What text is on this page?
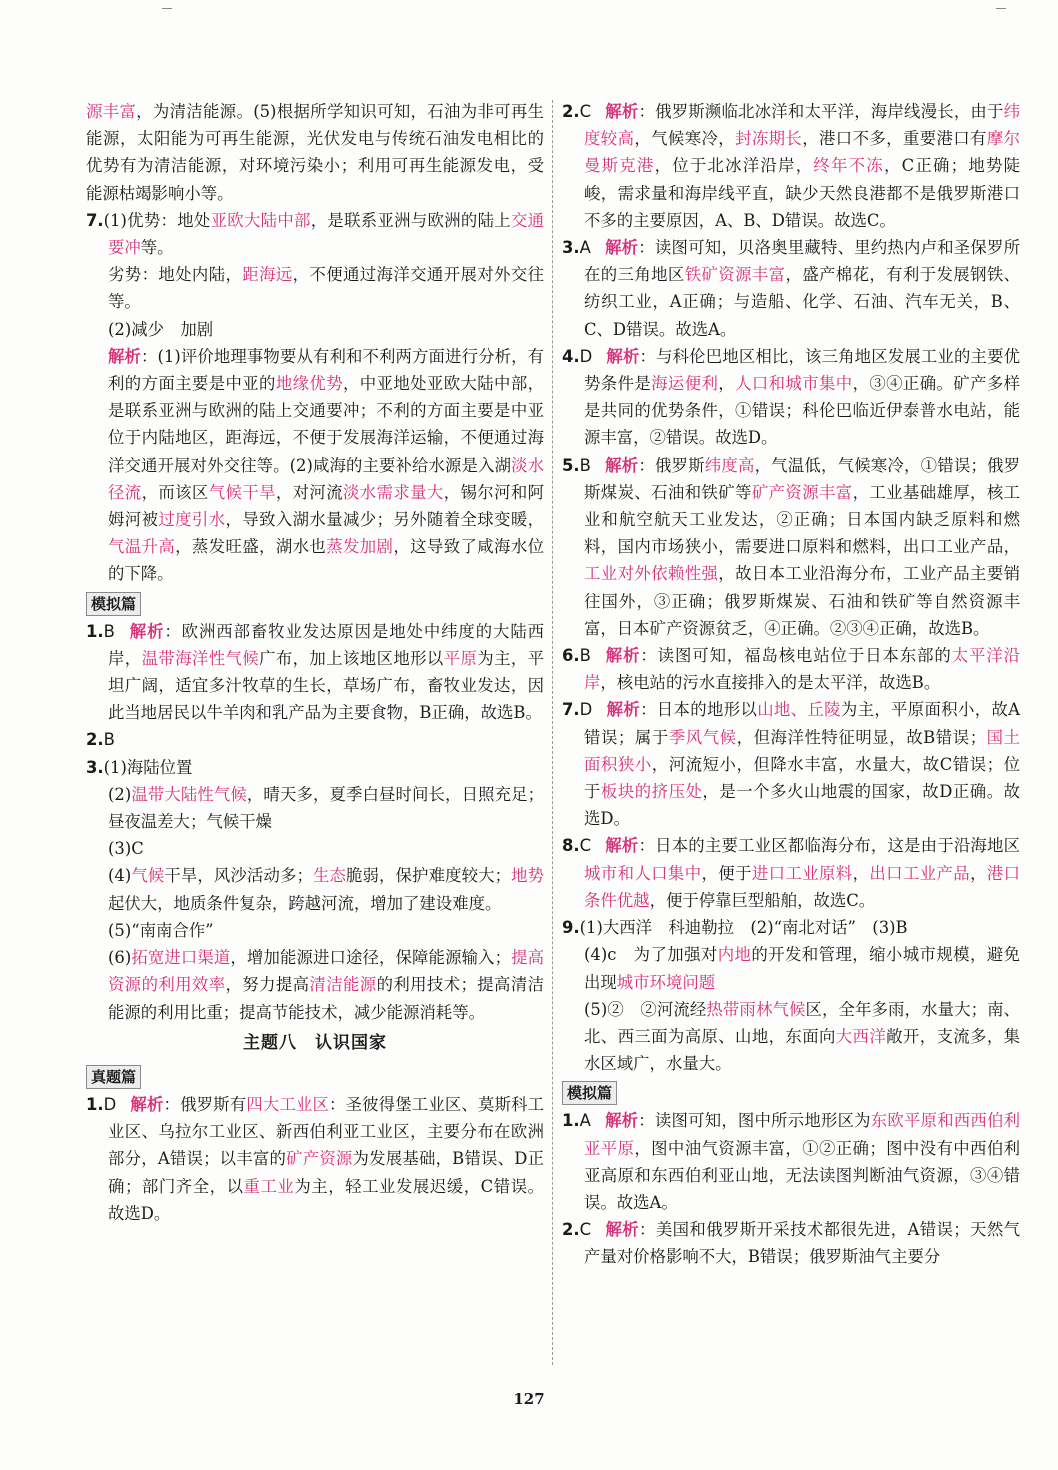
源丰富，为清洁能源。(5)根据所学知识可知，石油为非可再生能源，太阳能为可再生能源，光伏发电与传统石油发电相比的优势有为清洁能源，对环境污染小；利用可再生能源发电，受能源枯竭影响小等。

7.(1)优势：地处亚欧大陆中部，是联系亚洲与欧洲的陆上交通要冲等。

劣势：地处内陆，距海远，不便通过海洋交通开展对外交往等。

(2)减少　加剧

解析：(1)评价地理事物要从有利和不利两方面进行分析，有利的方面主要是中亚的地缘优势，中亚地处亚欧大陆中部，是联系亚洲与欧洲的陆上交通要冲；不利的方面主要是中亚位于内陆地区，距海远，不便于发展海洋运输，不便通过海洋交通开展对外交往等。(2)咸海的主要补给水源是入湖淡水径流，而该区气候干旱，对河流淡水需求量大，锡尔河和阿姆河被过度引水，导致入湖水量减少；另外随着全球变暖，气温升高，蒸发旺盛，湖水也蒸发加剧，这导致了咸海水位的下降。

模拟篇

1.B 解析：欧洲西部畜牧业发达原因是地处中纬度的大陆西岸，温带海洋性气候广布，加上该地区地形以平原为主，平坦广阔，适宜多汁牧草的生长，草场广布，畜牧业发达，因此当地居民以牛羊肉和乳产品为主要食物，B正确，故选B。

2.B

3.(1)海陆位置

(2)温带大陆性气候，晴天多，夏季白昼时间长，日照充足；昼夜温差大；气候干燥

(3)C

(4)气候干旱，风沙活动多；生态脆弱，保护难度较大；地势起伏大，地质条件复杂，跨越河流，增加了建设难度。

(5)“南南合作”

(6)拓宽进口渠道，增加能源进口途径，保障能源输入；提高资源的利用效率，努力提高清洁能源的利用技术；提高清洁能源的利用比重；提高节能技术，减少能源消耗等。

主题八　认识国家
真题篇

1.D 解析：俄罗斯有四大工业区：圣彼得堡工业区、莫斯科工业区、乌拉尔工业区、新西伯利亚工业区，主要分布在欧洲部分，A错误；以丰富的矿产资源为发展基础，B错误、D正确；部门齐全，以重工业为主，轻工业发展迟缓，C错误。故选D。

2.C 解析：俄罗斯濒临北冰洋和太平洋，海岸线漫长，由于纬度较高，气候寒冷，封冻期长，港口不多，重要港口有摩尔曼斯克港，位于北冰洋沿岸，终年不冻，C正确；地势陡峻，需求量和海岸线平直，缺少天然良港都不是俄罗斯港口不多的主要原因，A、B、D错误。故选C。

3.A 解析：读图可知，贝洛奥里藏特、里约热内卢和圣保罗所在的三角地区铁矿资源丰富，盛产棉花，有利于发展钢铁、纺织工业，A正确；与造船、化学、石油、汽车无关，B、C、D错误。故选A。

4.D 解析：与科伦巴地区相比，该三角地区发展工业的主要优势条件是海运便利，人口和城市集中，③④正确。矿产多样是共同的优势条件，①错误；科伦巴临近伊泰普水电站，能源丰富，②错误。故选D。

5.B 解析：俄罗斯纬度高，气温低，气候寒冷，①错误；俄罗斯煤炭、石油和铁矿等矿产资源丰富，工业基础雄厚，核工业和航空航天工业发达，②正确；日本国内缺乏原料和燃料，国内市场狭小，需要进口原料和燃料，出口工业产品，工业对外依赖性强，故日本工业沿海分布，工业产品主要销往国外，③正确；俄罗斯煤炭、石油和铁矿等自然资源丰富，日本矿产资源贫乏，④正确。②③④正确，故选B。

6.B 解析：读图可知，福岛核电站位于日本东部的太平洋沿岸，核电站的污水直接排入的是太平洋，故选B。

7.D 解析：日本的地形以山地、丘陵为主，平原面积小，故A错误；属于季风气候，但海洋性特征明显，故B错误；国土面积狭小，河流短小，但降水丰富，水量大，故C错误；位于板块的挤压处，是一个多火山地震的国家，故D正确。故选D。

8.C 解析：日本的主要工业区都临海分布，这是由于沿海地区城市和人口集中，便于进口工业原料，出口工业产品，港口条件优越，便于停靠巨型船舶，故选C。

9.(1)大西洋　科迪勒拉　(2)“南北对话”　(3)B

(4)c　为了加强对内地的开发和管理，缩小城市规模，避免出现城市环境问题

(5)②　②河流经热带雨林气候区，全年多雨，水量大；南、北、西三面为高原、山地，东面向大西洋敞开，支流多，集水区域广，水量大。

模拟篇

1.A 解析：读图可知，图中所示地形区为东欧平原和西西伯利亚平原，图中油气资源丰富，①②正确；图中没有中西伯利亚高原和东西伯利亚山地，无法读图判断油气资源，③④错误。故选A。

2.C 解析：美国和俄罗斯开采技术都很先进，A错误；天然气产量对价格影响不大，B错误；俄罗斯油气主要分

127
